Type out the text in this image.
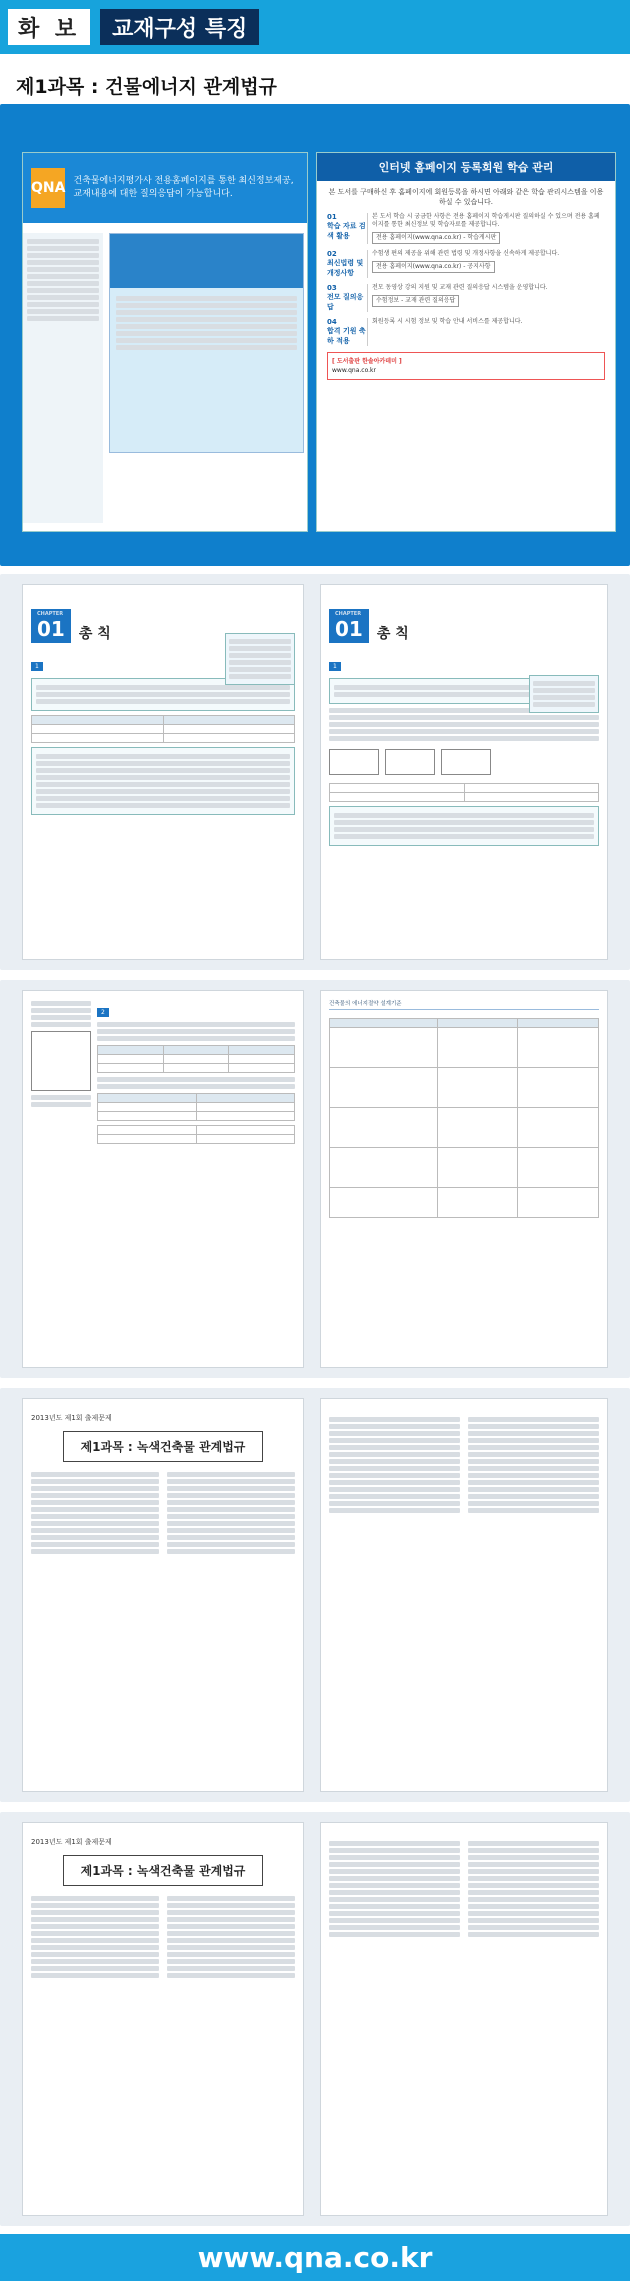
화 보	교재구성 특징
제1과목 : 건물에너지 관계법규
QNA 건축물에너지평가사 전용홈페이지를 통한 최신정보제공, 교재내용에 대한 질의응답이 가능합니다.
인터넷 홈페이지 등록회원 학습 관리
본 도서를 구매하신 후 홈페이지에 회원등록을 하시면 아래와 같은 학습 관리시스템을 이용하실 수 있습니다.
01
학습 자료 검색 활용
본 도서 학습 시 궁금한 사항은 전용 홈페이지 학습게시판 질의하실 수 있으며 전용 홈페이지를 통한 최신정보 및 학습자료를 제공합니다.
전용 홈페이지(www.qna.co.kr) - 학습게시판
02
최신법령 및 개정사항
수험생 편의 제공을 위해 관련 법령 및 개정사항을 신속하게 제공합니다.
전용 홈페이지(www.qna.co.kr) - 공지사항
03
전모 질의응답
전모 동영상 강의 지원 및 교재 관련 질의응답 시스템을 운영합니다.
수험정보 - 교재 관련 질의응답
04
합격 기원 축하 적용
회원등록 시 시험 정보 및 학습 안내 서비스를 제공합니다.
[ 도서출판 한솔아카데미 ]
www.qna.co.kr
CHAPTER
01	총 칙
1

CHAPTER
01	총 칙
1

2

건축물의 에너지절약 설계기준

2013년도 제1회 출제문제
제1과목 : 녹색건축물 관계법규
2013년도 제1회 출제문제
제1과목 : 녹색건축물 관계법규
www.qna.co.kr
